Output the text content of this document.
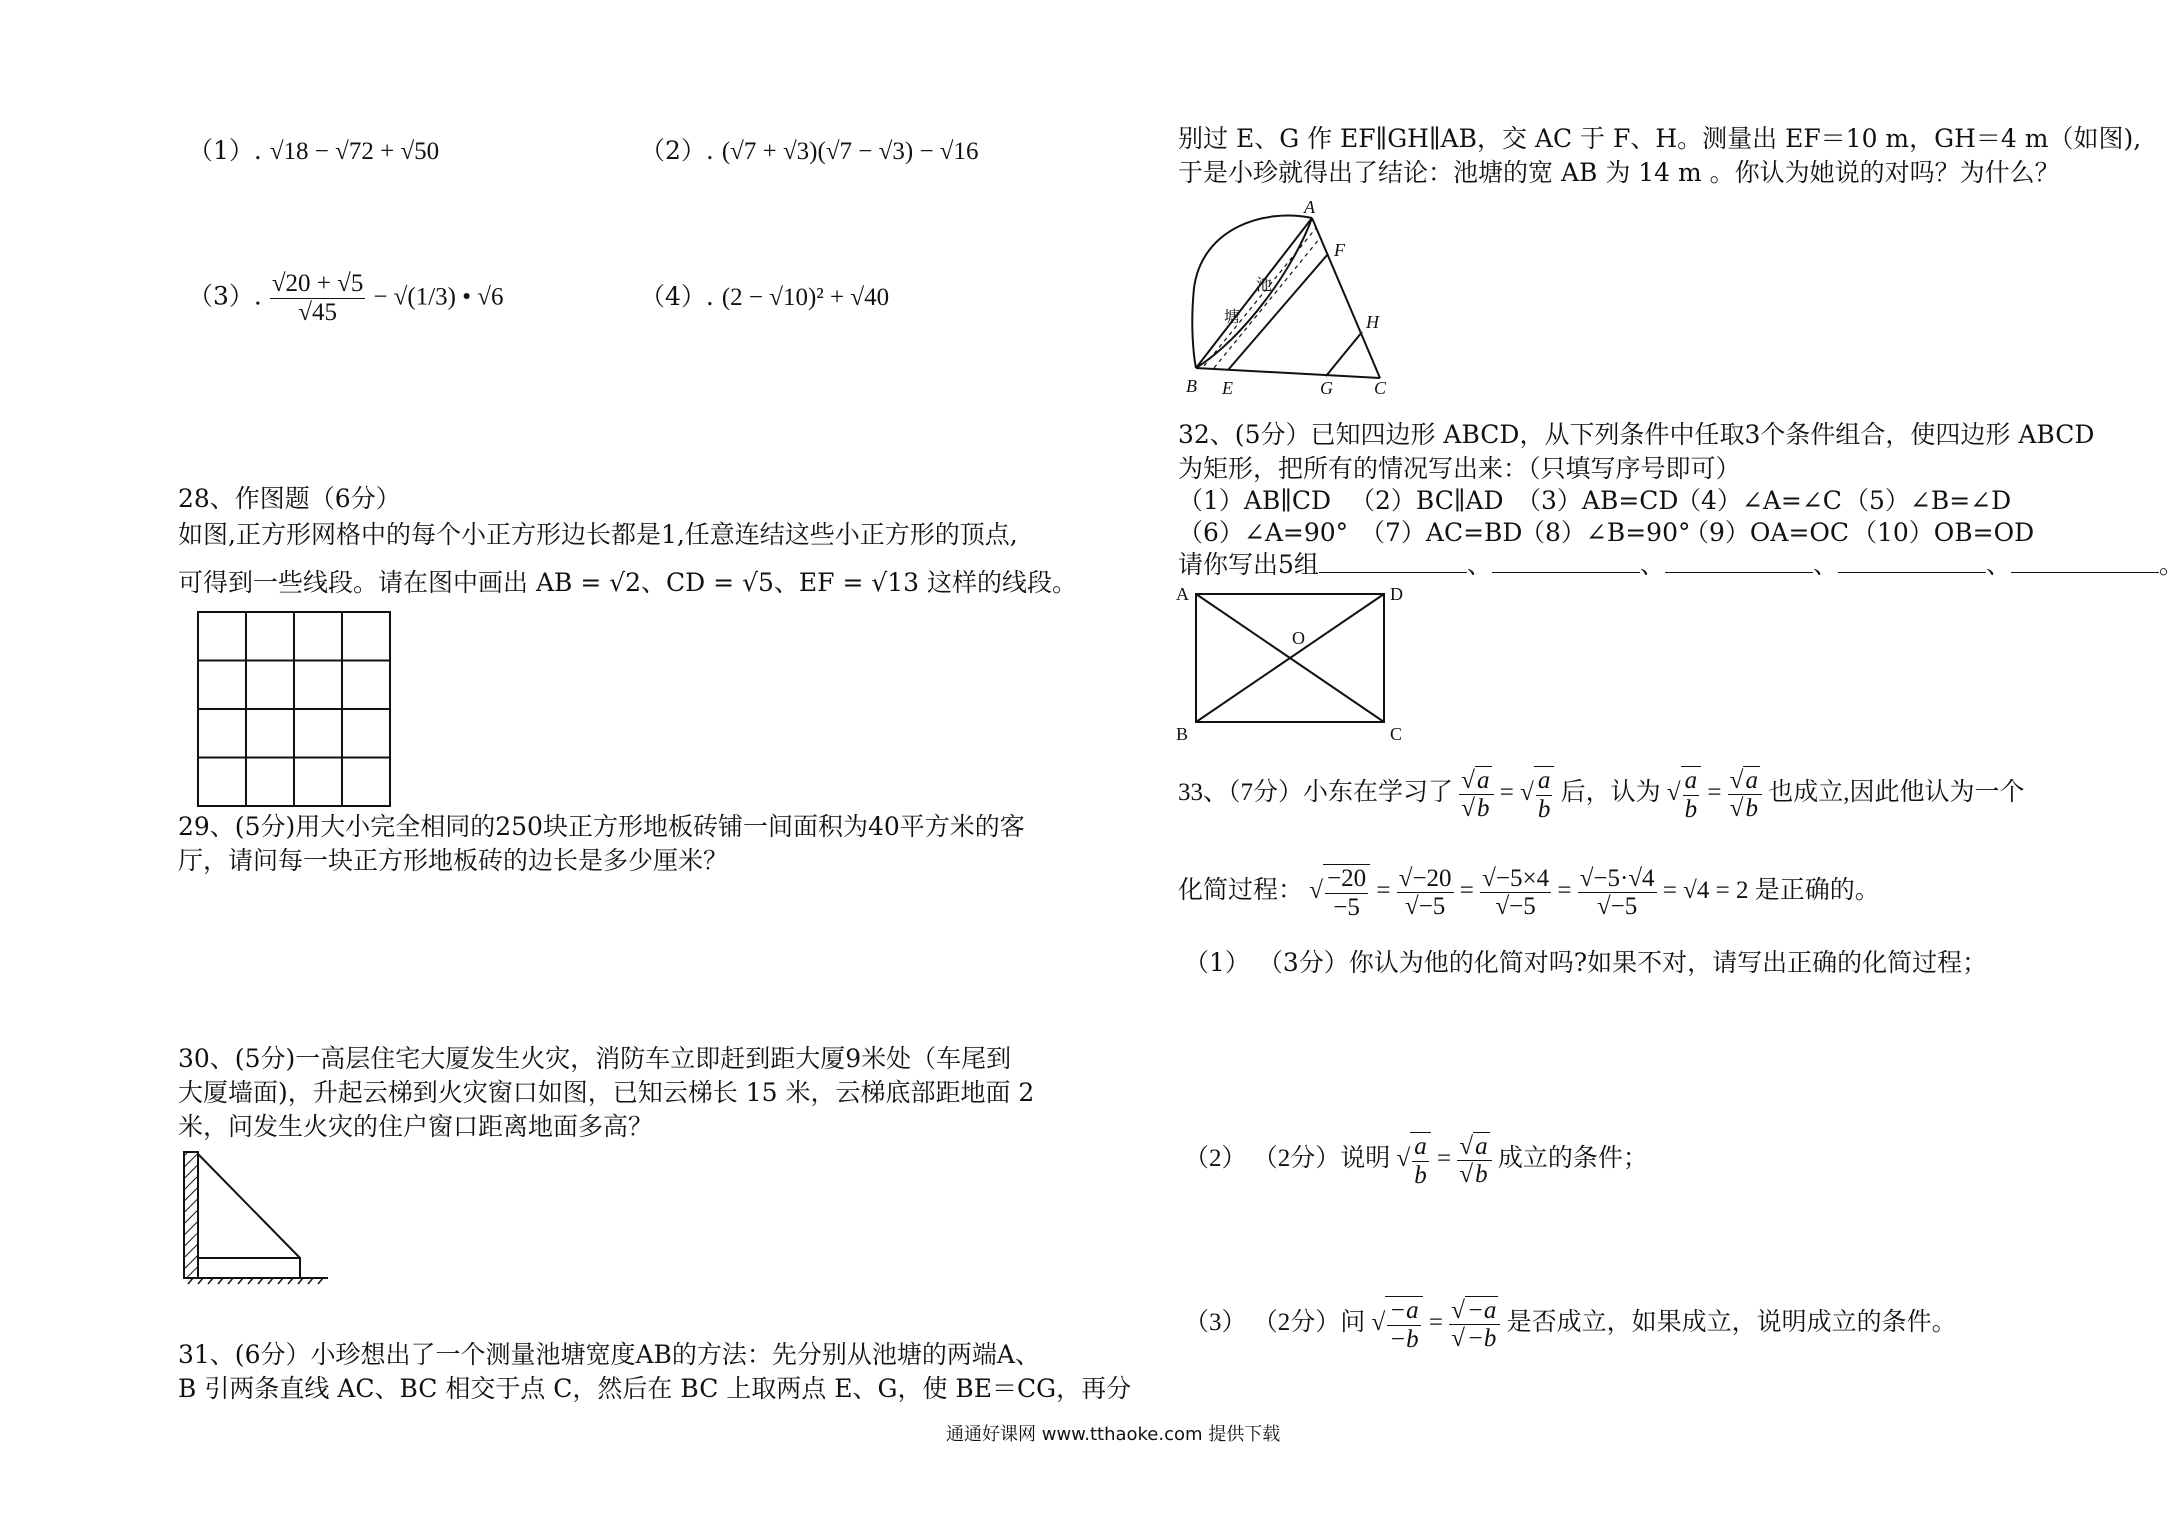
（1）. √18 − √72 + √50	（2）. (√7 + √3)(√7 − √3) − √16
（3）. $\frac{√20 + √5}{√45} - √(1/3)$ • √6	（4）. (2 − √10)² + √40
28、作图题（6分）
如图,正方形网格中的每个小正方形边长都是1,任意连结这些小正方形的顶点,
可得到一些线段。请在图中画出 AB = √2、CD = √5、EF = √13 这样的线段。
29、(5分)用大小完全相同的250块正方形地板砖铺一间面积为40平方米的客
厅，请问每一块正方形地板砖的边长是多少厘米？
30、(5分)一高层住宅大厦发生火灾，消防车立即赶到距大厦9米处（车尾到
大厦墙面)，升起云梯到火灾窗口如图，已知云梯长 15 米，云梯底部距地面 2
米，问发生火灾的住户窗口距离地面多高？
31、(6分）小珍想出了一个测量池塘宽度AB的方法：先分别从池塘的两端A、
B 引两条直线 AC、BC 相交于点 C，然后在 BC 上取两点 E、G，使 BE＝CG，再分
别过 E、G 作 EF∥GH∥AB，交 AC 于 F、H。测量出 EF＝10 m，GH＝4 m（如图),
于是小珍就得出了结论：池塘的宽 AB 为 14 m 。你认为她说的对吗？为什么？
A
F
H
B E	G C
池
塘
32、(5分）已知四边形 ABCD，从下列条件中任取3个条件组合，使四边形 ABCD
为矩形，把所有的情况写出来：（只填写序号即可）
（1）AB∥CD （2）BC∥AD （3）AB=CD
（4）∠A=∠C （5）∠B=∠D
（6）∠A=90° （7）AC=BD
（8）∠B=90°
（9）OA=OC （10）OB=OD
请你写出5组	、	、	、	、	。
A	D
B	C
O
33、（7分）小东在学习了 $\frac{√a}{√b}$ = √ $\frac{a}{b}$ 后，认为 √ $\frac{a}{b} = \frac{√a}{√b}$ 也成立,因此他认为一个
化简过程： √ $\frac{-20}{-5} = \frac{√-20}{√-5} = \frac{√-5\times 4}{√-5} = \frac{√-5\cdot√4}{√-5} = √4 = 2$ 是正确的。
（1） （3分）你认为他的化简对吗?如果不对，请写出正确的化简过程；
（2） （2分）说明 √ $\frac{a}{b} = \frac{√a}{√b}$ 成立的条件；
（3） （2分）问 √ $\frac{-a}{-b} = \frac{√-a}{√-b}$ 是否成立，如果成立，说明成立的条件。
通通好课网 www.tthaoke.com 提供下载
